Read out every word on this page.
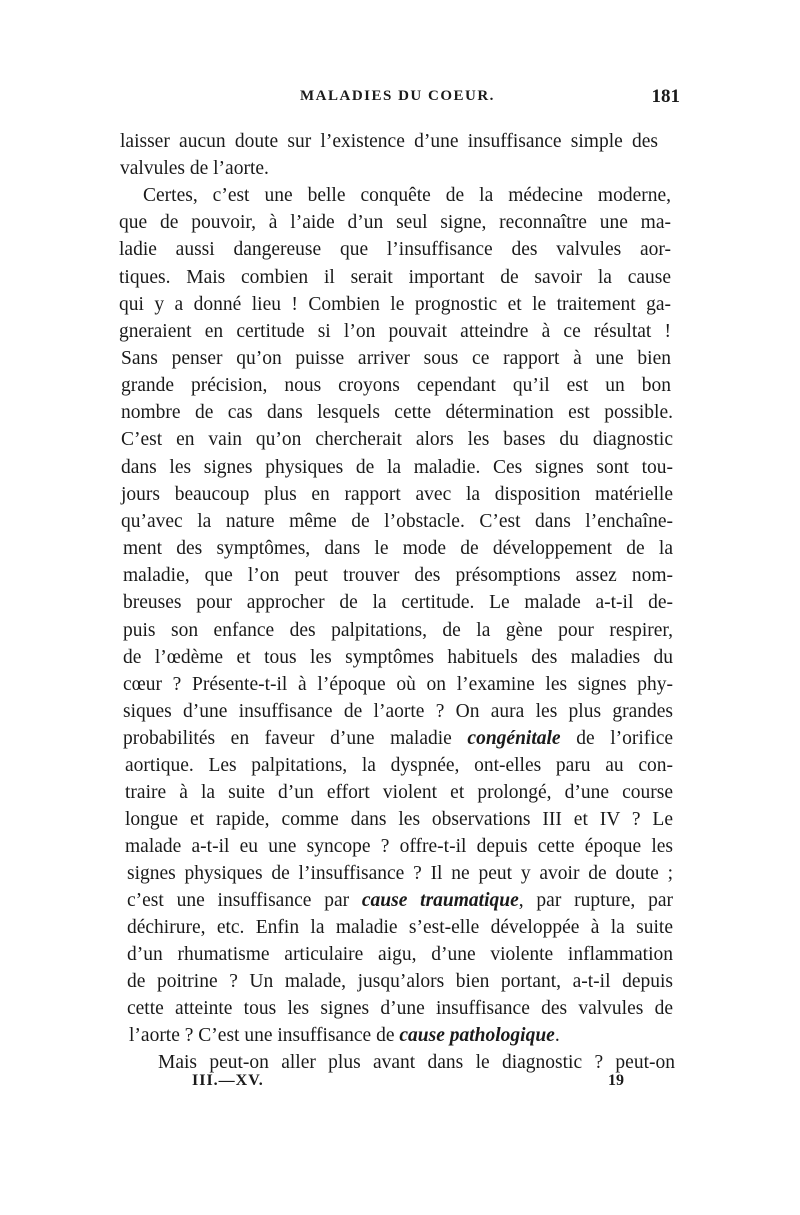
MALADIES DU COEUR.	181
laisser aucun doute sur l’existence d’une insuffisance simple des
valvules de l’aorte.
Certes, c’est une belle conquête de la médecine moderne,
que de pouvoir, à l’aide d’un seul signe, reconnaître une ma-
ladie aussi dangereuse que l’insuffisance des valvules aor-
tiques. Mais combien il serait important de savoir la cause
qui y a donné lieu ! Combien le prognostic et le traitement ga-
gneraient en certitude si l’on pouvait atteindre à ce résultat !
Sans penser qu’on puisse arriver sous ce rapport à une bien
grande précision, nous croyons cependant qu’il est un bon
nombre de cas dans lesquels cette détermination est possible.
C’est en vain qu’on chercherait alors les bases du diagnostic
dans les signes physiques de la maladie. Ces signes sont tou-
jours beaucoup plus en rapport avec la disposition matérielle
qu’avec la nature même de l’obstacle. C’est dans l’enchaîne-
ment des symptômes, dans le mode de développement de la
maladie, que l’on peut trouver des présomptions assez nom-
breuses pour approcher de la certitude. Le malade a-t-il de-
puis son enfance des palpitations, de la gène pour respirer,
de l’œdème et tous les symptômes habituels des maladies du
cœur ? Présente-t-il à l’époque où on l’examine les signes phy-
siques d’une insuffisance de l’aorte ? On aura les plus grandes
probabilités en faveur d’une maladie congénitale de l’orifice
aortique. Les palpitations, la dyspnée, ont-elles paru au con-
traire à la suite d’un effort violent et prolongé, d’une course
longue et rapide, comme dans les observations III et IV ? Le
malade a-t-il eu une syncope ? offre-t-il depuis cette époque les
signes physiques de l’insuffisance ? Il ne peut y avoir de doute ;
c’est une insuffisance par cause traumatique, par rupture, par
déchirure, etc. Enfin la maladie s’est-elle développée à la suite
d’un rhumatisme articulaire aigu, d’une violente inflammation
de poitrine ? Un malade, jusqu’alors bien portant, a-t-il depuis
cette atteinte tous les signes d’une insuffisance des valvules de
l’aorte ? C’est une insuffisance de cause pathologique.
Mais peut-on aller plus avant dans le diagnostic ? peut-on
III.—XV.	19
